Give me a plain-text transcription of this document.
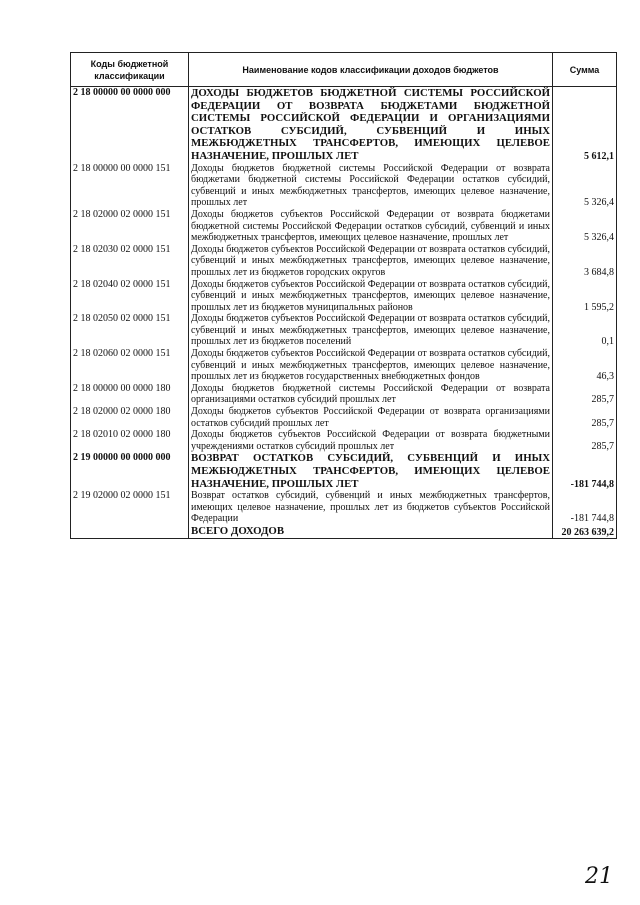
Коды бюджетной классификации	Наименование кодов классификации доходов бюджетов	Сумма
2 18 00000 00 0000 000	ДОХОДЫ БЮДЖЕТОВ БЮДЖЕТНОЙ СИСТЕМЫ РОССИЙСКОЙ ФЕДЕРАЦИИ ОТ ВОЗВРАТА БЮДЖЕТАМИ БЮДЖЕТНОЙ СИСТЕМЫ РОССИЙСКОЙ ФЕДЕРАЦИИ И ОРГАНИЗАЦИЯМИ ОСТАТКОВ СУБСИДИЙ, СУБВЕНЦИЙ И ИНЫХ МЕЖБЮДЖЕТНЫХ ТРАНСФЕРТОВ, ИМЕЮЩИХ ЦЕЛЕВОЕ НАЗНАЧЕНИЕ, ПРОШЛЫХ ЛЕТ	5 612,1
2 18 00000 00 0000 151	Доходы бюджетов бюджетной системы Российской Федерации от возврата бюджетами бюджетной системы Российской Федерации остатков субсидий, субвенций и иных межбюджетных трансфертов, имеющих целевое назначение, прошлых лет	5 326,4
2 18 02000 02 0000 151	Доходы бюджетов субъектов Российской Федерации от возврата бюджетами бюджетной системы Российской Федерации остатков субсидий, субвенций и иных межбюджетных трансфертов, имеющих целевое назначение, прошлых лет	5 326,4
2 18 02030 02 0000 151	Доходы бюджетов субъектов Российской Федерации от возврата остатков субсидий, субвенций и иных межбюджетных трансфертов, имеющих целевое назначение, прошлых лет из бюджетов городских округов	3 684,8
2 18 02040 02 0000 151	Доходы бюджетов субъектов Российской Федерации от возврата остатков субсидий, субвенций и иных межбюджетных трансфертов, имеющих целевое назначение, прошлых лет из бюджетов муниципальных районов	1 595,2
2 18 02050 02 0000 151	Доходы бюджетов субъектов Российской Федерации от возврата остатков субсидий, субвенций и иных межбюджетных трансфертов, имеющих целевое назначение, прошлых лет из бюджетов поселений	0,1
2 18 02060 02 0000 151	Доходы бюджетов субъектов Российской Федерации от возврата остатков субсидий, субвенций и иных межбюджетных трансфертов, имеющих целевое назначение, прошлых лет из бюджетов государственных внебюджетных фондов	46,3
2 18 00000 00 0000 180	Доходы бюджетов бюджетной системы Российской Федерации от возврата организациями остатков субсидий прошлых лет	285,7
2 18 02000 02 0000 180	Доходы бюджетов субъектов Российской Федерации от возврата организациями остатков субсидий прошлых лет	285,7
2 18 02010 02 0000 180	Доходы бюджетов субъектов Российской Федерации от возврата бюджетными учреждениями остатков субсидий прошлых лет	285,7
2 19 00000 00 0000 000	ВОЗВРАТ ОСТАТКОВ СУБСИДИЙ, СУБВЕНЦИЙ И ИНЫХ МЕЖБЮДЖЕТНЫХ ТРАНСФЕРТОВ, ИМЕЮЩИХ ЦЕЛЕВОЕ НАЗНАЧЕНИЕ, ПРОШЛЫХ ЛЕТ	-181 744,8
2 19 02000 02 0000 151	Возврат остатков субсидий, субвенций и иных межбюджетных трансфертов, имеющих целевое назначение, прошлых лет из бюджетов субъектов Российской Федерации	-181 744,8
	ВСЕГО ДОХОДОВ	20 263 639,2
21
